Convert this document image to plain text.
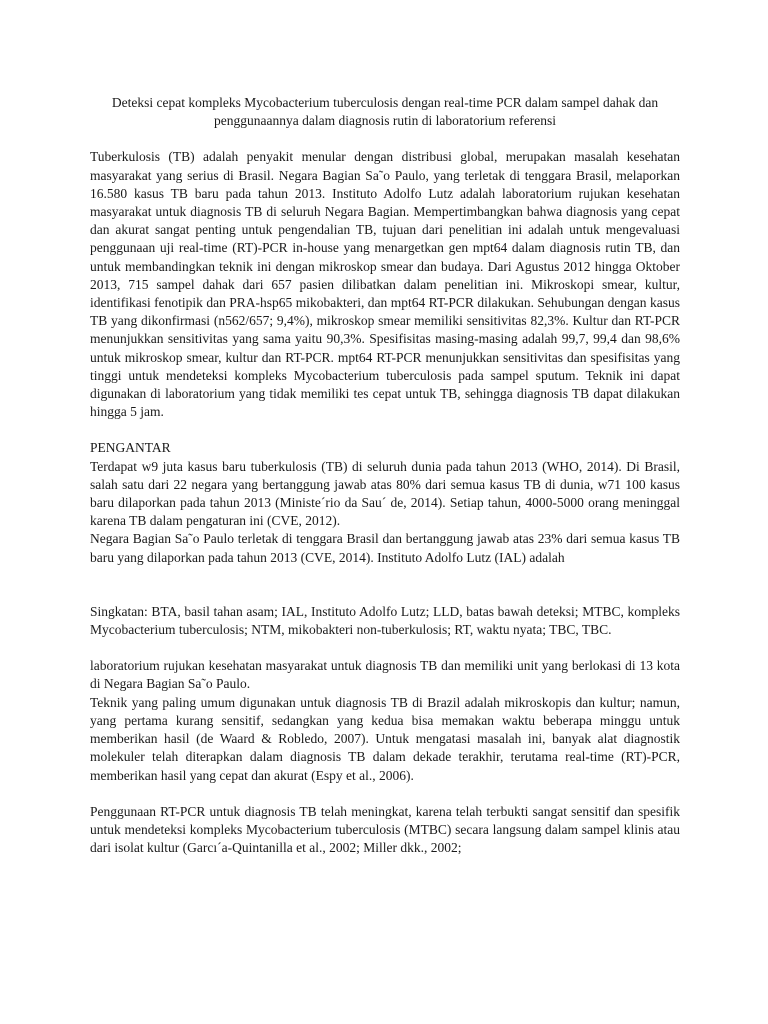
Deteksi cepat kompleks Mycobacterium tuberculosis dengan real-time PCR dalam sampel dahak dan penggunaannya dalam diagnosis rutin di laboratorium referensi

Tuberkulosis (TB) adalah penyakit menular dengan distribusi global, merupakan masalah kesehatan masyarakat yang serius di Brasil. Negara Bagian Sa˜o Paulo, yang terletak di tenggara Brasil, melaporkan 16.580 kasus TB baru pada tahun 2013. Instituto Adolfo Lutz adalah laboratorium rujukan kesehatan masyarakat untuk diagnosis TB di seluruh Negara Bagian. Mempertimbangkan bahwa diagnosis yang cepat dan akurat sangat penting untuk pengendalian TB, tujuan dari penelitian ini adalah untuk mengevaluasi penggunaan uji real-time (RT)-PCR in-house yang menargetkan gen mpt64 dalam diagnosis rutin TB, dan untuk membandingkan teknik ini dengan mikroskop smear dan budaya. Dari Agustus 2012 hingga Oktober 2013, 715 sampel dahak dari 657 pasien dilibatkan dalam penelitian ini. Mikroskopi smear, kultur, identifikasi fenotipik dan PRA-hsp65 mikobakteri, dan mpt64 RT-PCR dilakukan. Sehubungan dengan kasus TB yang dikonfirmasi (n562/657; 9,4%), mikroskop smear memiliki sensitivitas 82,3%. Kultur dan RT-PCR menunjukkan sensitivitas yang sama yaitu 90,3%. Spesifisitas masing-masing adalah 99,7, 99,4 dan 98,6% untuk mikroskop smear, kultur dan RT-PCR. mpt64 RT-PCR menunjukkan sensitivitas dan spesifisitas yang tinggi untuk mendeteksi kompleks Mycobacterium tuberculosis pada sampel sputum. Teknik ini dapat digunakan di laboratorium yang tidak memiliki tes cepat untuk TB, sehingga diagnosis TB dapat dilakukan hingga 5 jam.

PENGANTAR

Terdapat w9 juta kasus baru tuberkulosis (TB) di seluruh dunia pada tahun 2013 (WHO, 2014). Di Brasil, salah satu dari 22 negara yang bertanggung jawab atas 80% dari semua kasus TB di dunia, w71 100 kasus baru dilaporkan pada tahun 2013 (Ministe´rio da Sau´ de, 2014). Setiap tahun, 4000-5000 orang meninggal karena TB dalam pengaturan ini (CVE, 2012).

Negara Bagian Sa˜o Paulo terletak di tenggara Brasil dan bertanggung jawab atas 23% dari semua kasus TB baru yang dilaporkan pada tahun 2013 (CVE, 2014). Instituto Adolfo Lutz (IAL) adalah

Singkatan: BTA, basil tahan asam; IAL, Instituto Adolfo Lutz; LLD, batas bawah deteksi; MTBC, kompleks Mycobacterium tuberculosis; NTM, mikobakteri non-tuberkulosis; RT, waktu nyata; TBC, TBC.

laboratorium rujukan kesehatan masyarakat untuk diagnosis TB dan memiliki unit yang berlokasi di 13 kota di Negara Bagian Sa˜o Paulo.

Teknik yang paling umum digunakan untuk diagnosis TB di Brazil adalah mikroskopis dan kultur; namun, yang pertama kurang sensitif, sedangkan yang kedua bisa memakan waktu beberapa minggu untuk memberikan hasil (de Waard & Robledo, 2007). Untuk mengatasi masalah ini, banyak alat diagnostik molekuler telah diterapkan dalam diagnosis TB dalam dekade terakhir, terutama real-time (RT)-PCR, memberikan hasil yang cepat dan akurat (Espy et al., 2006).

Penggunaan RT-PCR untuk diagnosis TB telah meningkat, karena telah terbukti sangat sensitif dan spesifik untuk mendeteksi kompleks Mycobacterium tuberculosis (MTBC) secara langsung dalam sampel klinis atau dari isolat kultur (Garcı´a-Quintanilla et al., 2002; Miller dkk., 2002;
